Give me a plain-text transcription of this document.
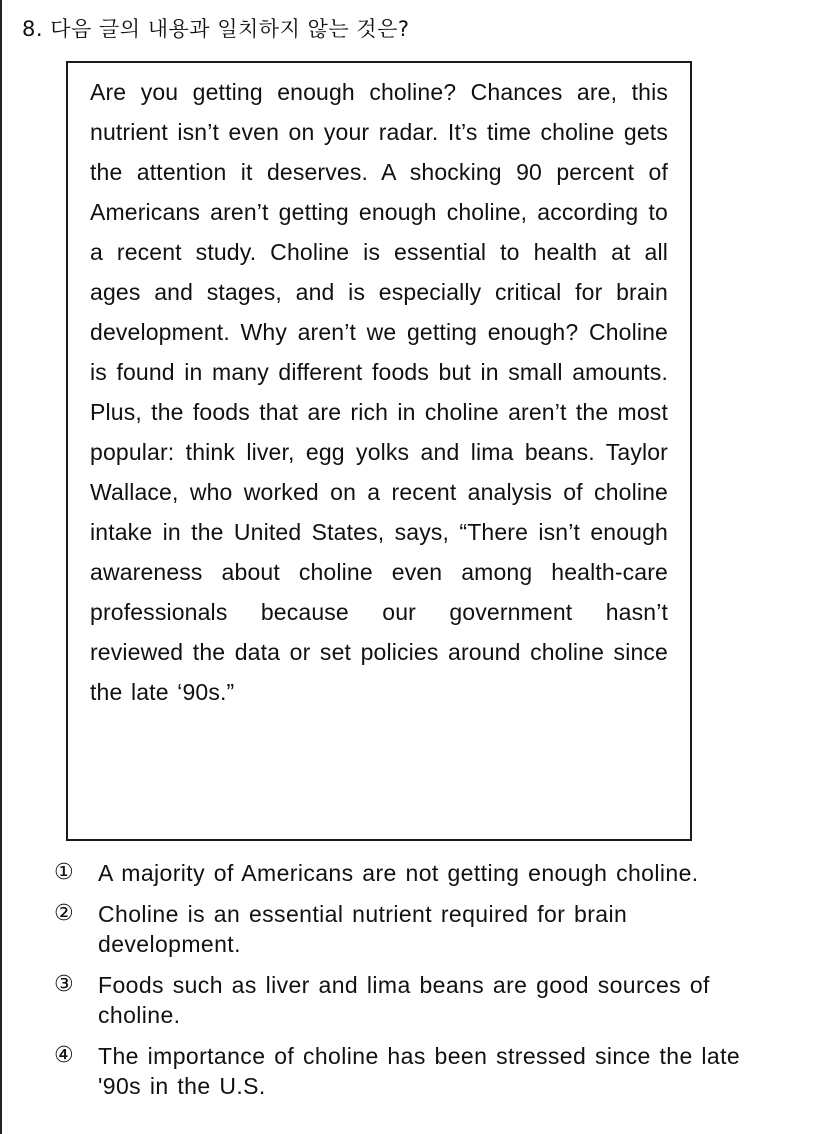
8. 다음 글의 내용과 일치하지 않는 것은?

Are you getting enough choline? Chances are, this nutrient isn’t even on your radar. It’s time choline gets the attention it deserves. A shocking 90 percent of Americans aren’t getting enough choline, according to a recent study. Choline is essential to health at all ages and stages, and is especially critical for brain development. Why aren’t we getting enough? Choline is found in many different foods but in small amounts. Plus, the foods that are rich in choline aren’t the most popular: think liver, egg yolks and lima beans. Taylor Wallace, who worked on a recent analysis of choline intake in the United States, says, “There isn’t enough awareness about choline even among health-care professionals because our government hasn’t reviewed the data or set policies around choline since the late ‘90s.”

①	A majority of Americans are not getting enough choline.
②	Choline is an essential nutrient required for brain development.
③	Foods such as liver and lima beans are good sources of choline.
④	The importance of choline has been stressed since the late '90s in the U.S.
